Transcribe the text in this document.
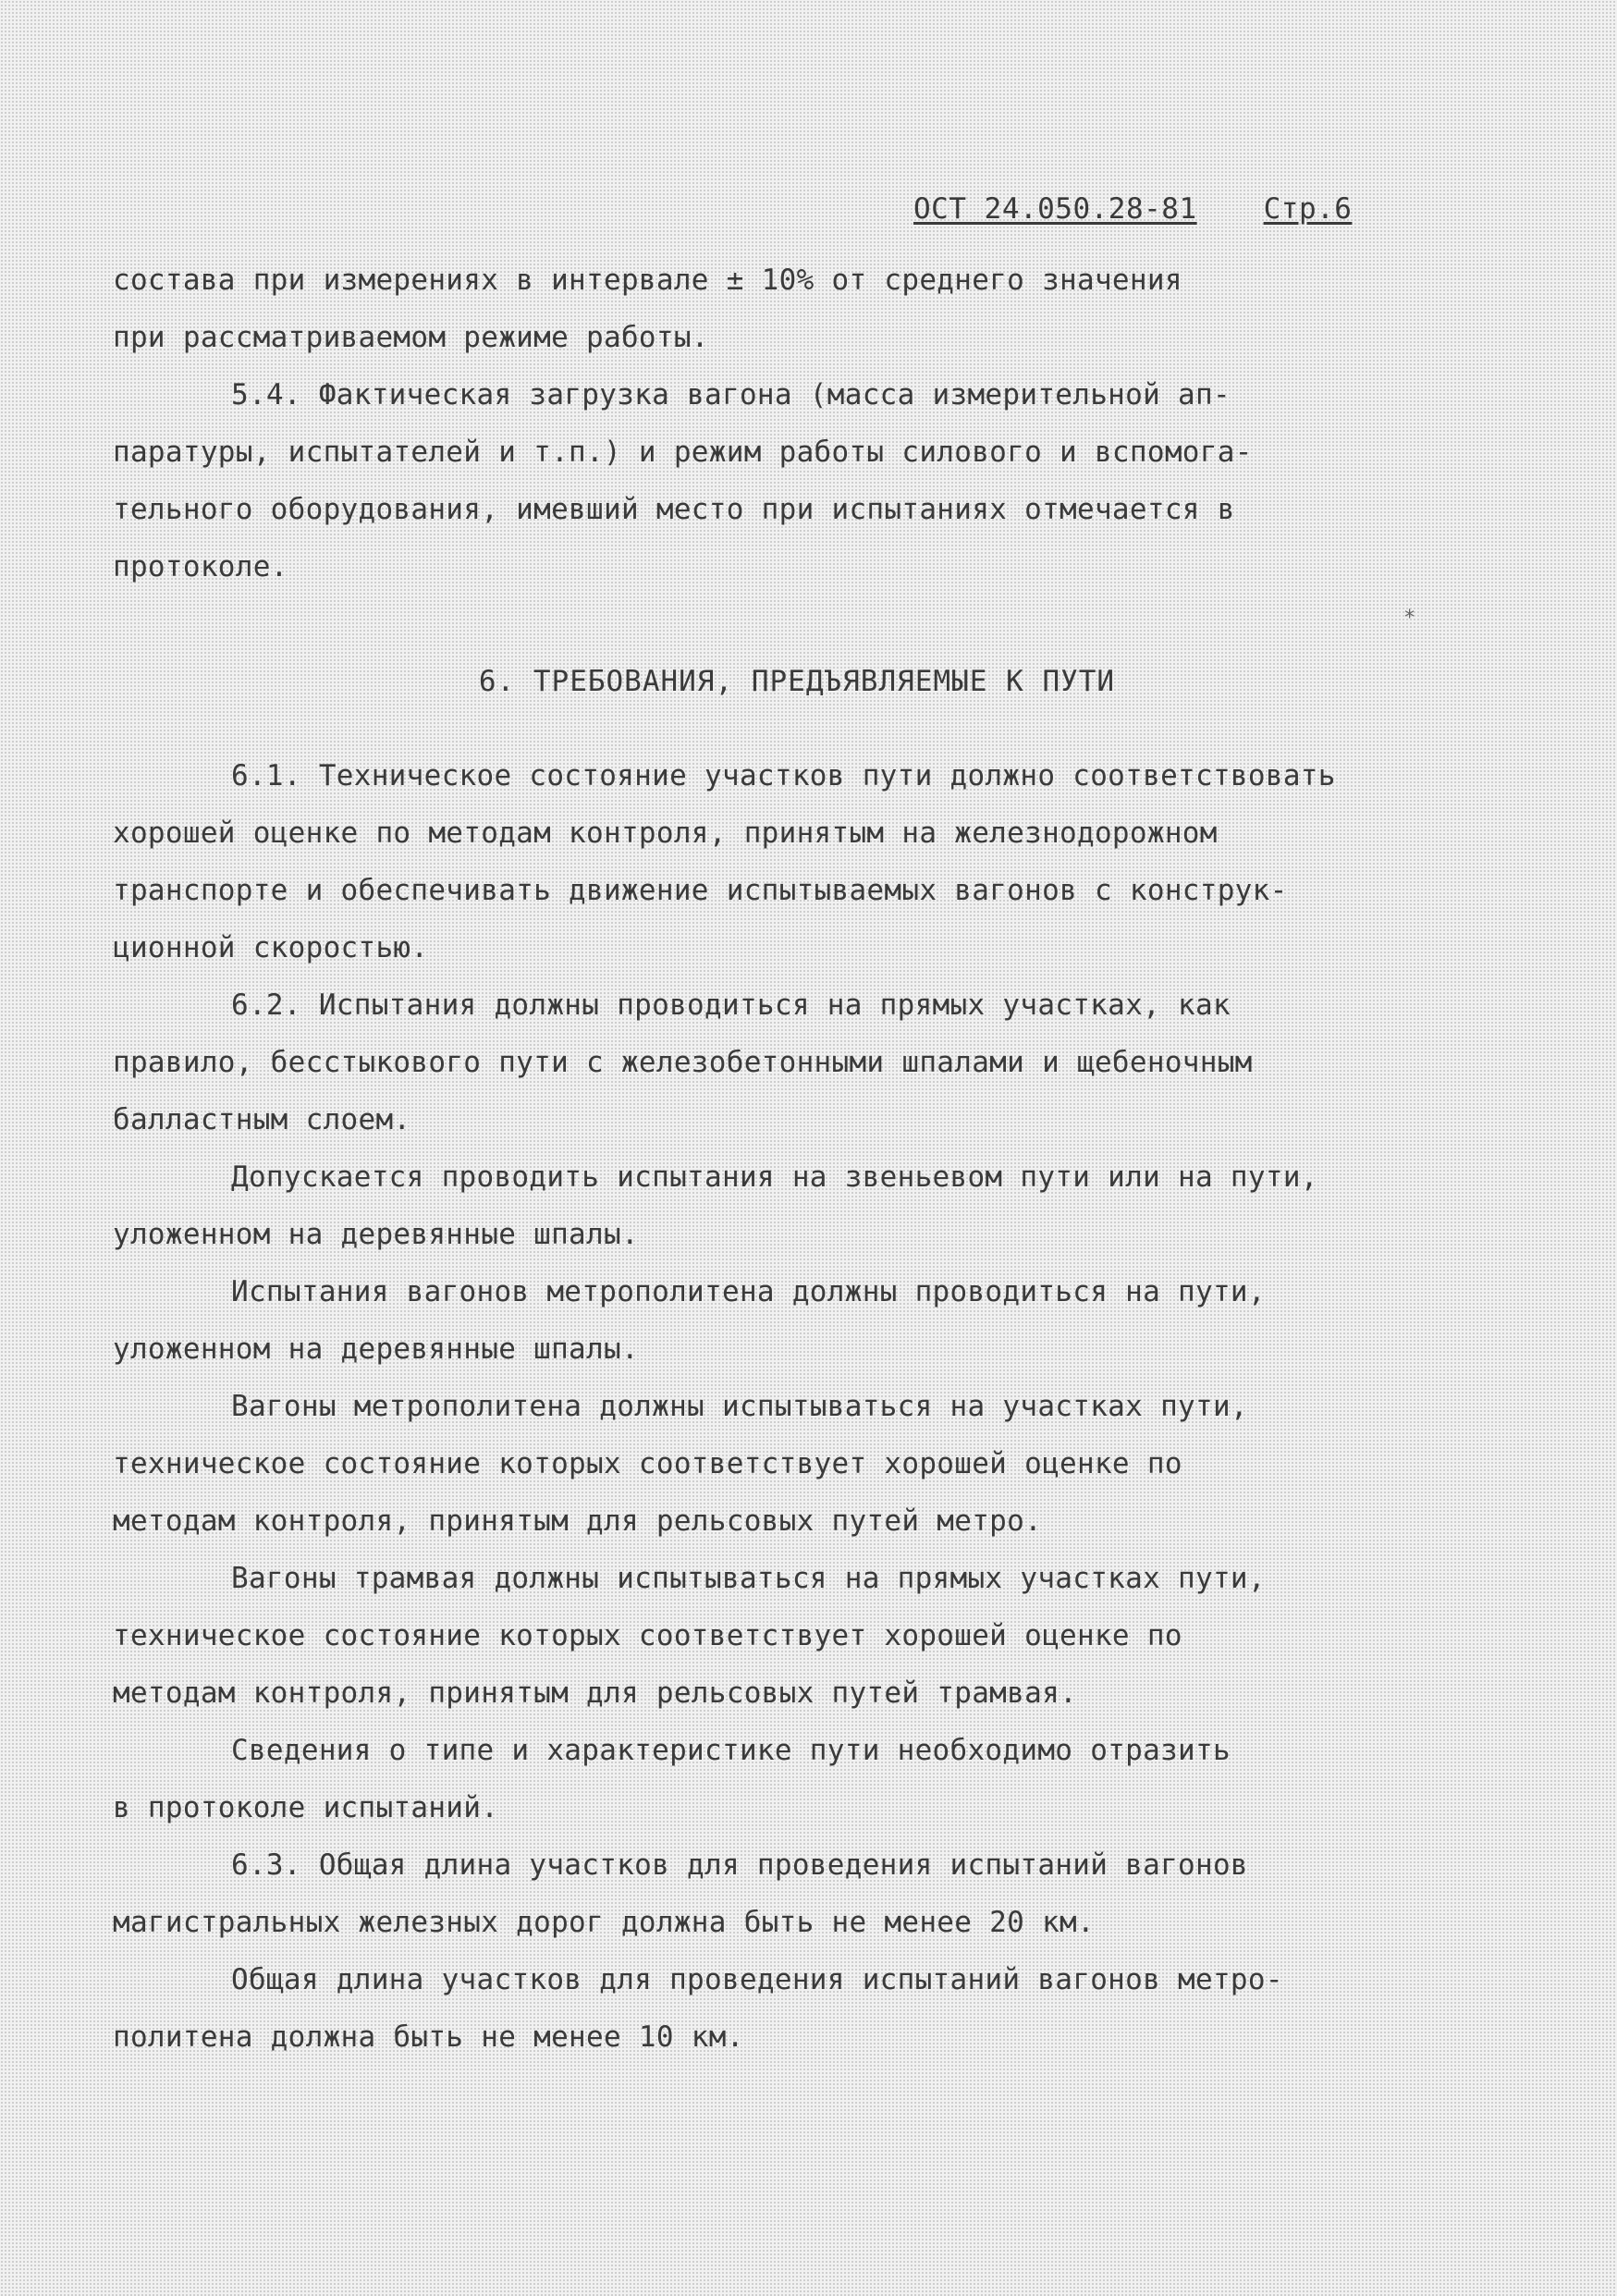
ОСТ 24.050.28-81 Стр.6
*
состава при измерениях в интервале ± 10% от среднего значения
при рассматриваемом режиме работы.
5.4. Фактическая загрузка вагона (масса измерительной ап-
паратуры, испытателей и т.п.) и режим работы силового и вспомога-
тельного оборудования, имевший место при испытаниях отмечается в
протоколе.
6. ТРЕБОВАНИЯ, ПРЕДЪЯВЛЯЕМЫЕ К ПУТИ
6.1. Техническое состояние участков пути должно соответствовать
хорошей оценке по методам контроля, принятым на железнодорожном
транспорте и обеспечивать движение испытываемых вагонов с конструк-
ционной скоростью.
6.2. Испытания должны проводиться на прямых участках, как
правило, бесстыкового пути с железобетонными шпалами и щебеночным
балластным слоем.
Допускается проводить испытания на звеньевом пути или на пути,
уложенном на деревянные шпалы.
Испытания вагонов метрополитена должны проводиться на пути,
уложенном на деревянные шпалы.
Вагоны метрополитена должны испытываться на участках пути,
техническое состояние которых соответствует хорошей оценке по
методам контроля, принятым для рельсовых путей метро.
Вагоны трамвая должны испытываться на прямых участках пути,
техническое состояние которых соответствует хорошей оценке по
методам контроля, принятым для рельсовых путей трамвая.
Сведения о типе и характеристике пути необходимо отразить
в протоколе испытаний.
6.3. Общая длина участков для проведения испытаний вагонов
магистральных железных дорог должна быть не менее 20 км.
Общая длина участков для проведения испытаний вагонов метро-
политена должна быть не менее 10 км.
